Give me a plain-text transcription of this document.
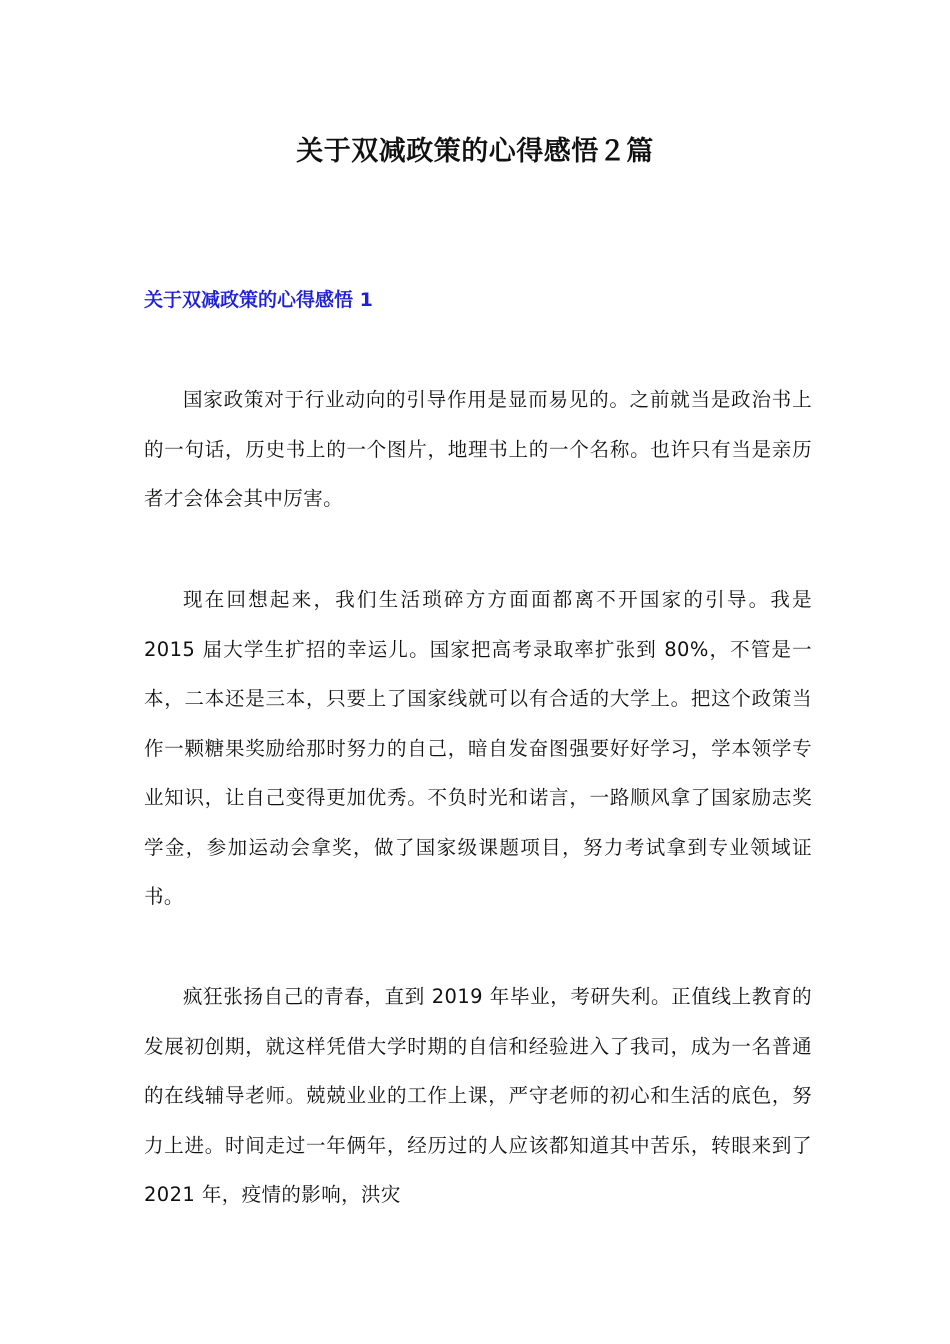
关于双减政策的心得感悟２篇
关于双减政策的心得感悟 1

国家政策对于行业动向的引导作用是显而易见的。之前就当是政治书上的一句话，历史书上的一个图片，地理书上的一个名称。也许只有当是亲历者才会体会其中厉害。

现在回想起来，我们生活琐碎方方面面都离不开国家的引导。我是 2015 届大学生扩招的幸运儿。国家把高考录取率扩张到 80%，不管是一本，二本还是三本，只要上了国家线就可以有合适的大学上。把这个政策当作一颗糖果奖励给那时努力的自己，暗自发奋图强要好好学习，学本领学专业知识，让自己变得更加优秀。不负时光和诺言，一路顺风拿了国家励志奖学金，参加运动会拿奖，做了国家级课题项目，努力考试拿到专业领域证书。

疯狂张扬自己的青春，直到 2019 年毕业，考研失利。正值线上教育的发展初创期，就这样凭借大学时期的自信和经验进入了我司，成为一名普通的在线辅导老师。兢兢业业的工作上课，严守老师的初心和生活的底色，努力上进。时间走过一年俩年，经历过的人应该都知道其中苦乐，转眼来到了 2021 年，疫情的影响，洪灾
